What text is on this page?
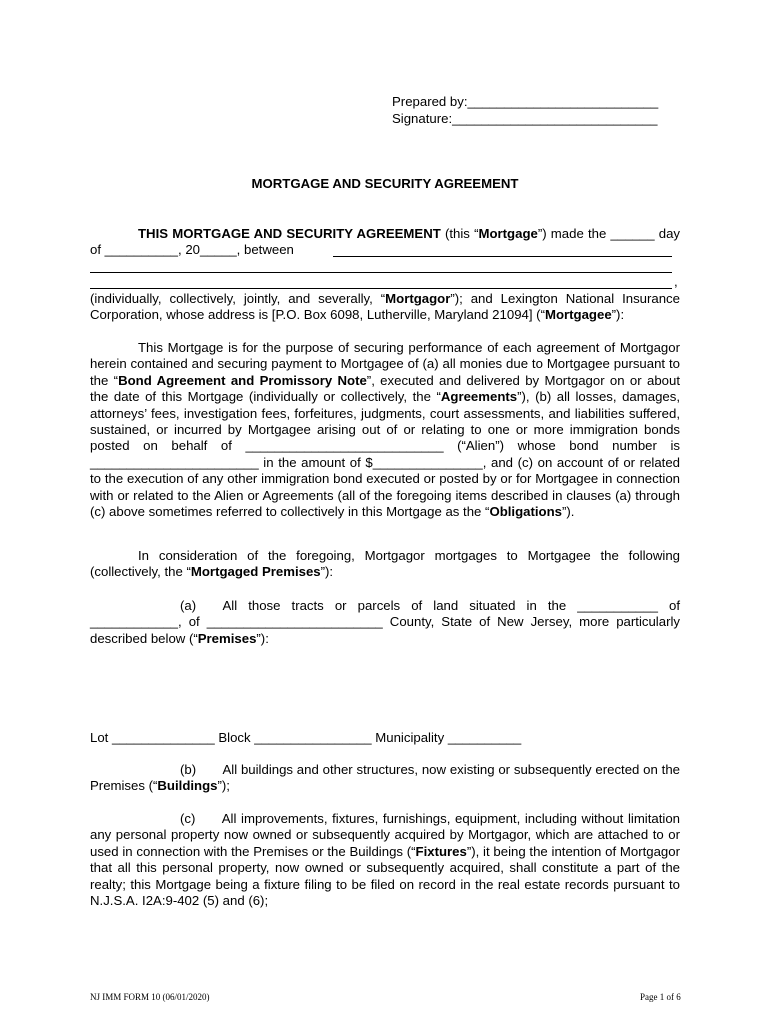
Prepared by:__________________________
Signature:____________________________
MORTGAGE AND SECURITY AGREEMENT

THIS MORTGAGE AND SECURITY AGREEMENT (this “Mortgage”) made the ______ day of __________, 20_____, between

,

(individually, collectively, jointly, and severally, “Mortgagor”); and Lexington National Insurance Corporation, whose address is [P.O. Box 6098, Lutherville, Maryland 21094] (“Mortgagee”):

This Mortgage is for the purpose of securing performance of each agreement of Mortgagor herein contained and securing payment to Mortgagee of (a) all monies due to Mortgagee pursuant to the “Bond Agreement and Promissory Note”, executed and delivered by Mortgagor on or about the date of this Mortgage (individually or collectively, the “Agreements”), (b) all losses, damages, attorneys’ fees, investigation fees, forfeitures, judgments, court assessments, and liabilities suffered, sustained, or incurred by Mortgagee arising out of or relating to one or more immigration bonds posted on behalf of ___________________________ (“Alien”) whose bond number is _______________________ in the amount of $_______________, and (c) on account of or related to the execution of any other immigration bond executed or posted by or for Mortgagee in connection with or related to the Alien or Agreements (all of the foregoing items described in clauses (a) through (c) above sometimes referred to collectively in this Mortgage as the “Obligations”).

In consideration of the foregoing, Mortgagor mortgages to Mortgagee the following (collectively, the “Mortgaged Premises”):

(a)  All those tracts or parcels of land situated in the ___________ of ____________, of ________________________ County, State of New Jersey, more particularly described below (“Premises”):

Lot ______________ Block ________________ Municipality __________

(b)  All buildings and other structures, now existing or subsequently erected on the Premises (“Buildings”);

(c)  All improvements, fixtures, furnishings, equipment, including without limitation any personal property now owned or subsequently acquired by Mortgagor, which are attached to or used in connection with the Premises or the Buildings (“Fixtures”), it being the intention of Mortgagor that all this personal property, now owned or subsequently acquired, shall constitute a part of the realty; this Mortgage being a fixture filing to be filed on record in the real estate records pursuant to N.J.S.A. I2A:9-402 (5) and (6);

NJ IMM FORM 10 (06/01/2020)	Page 1 of 6
